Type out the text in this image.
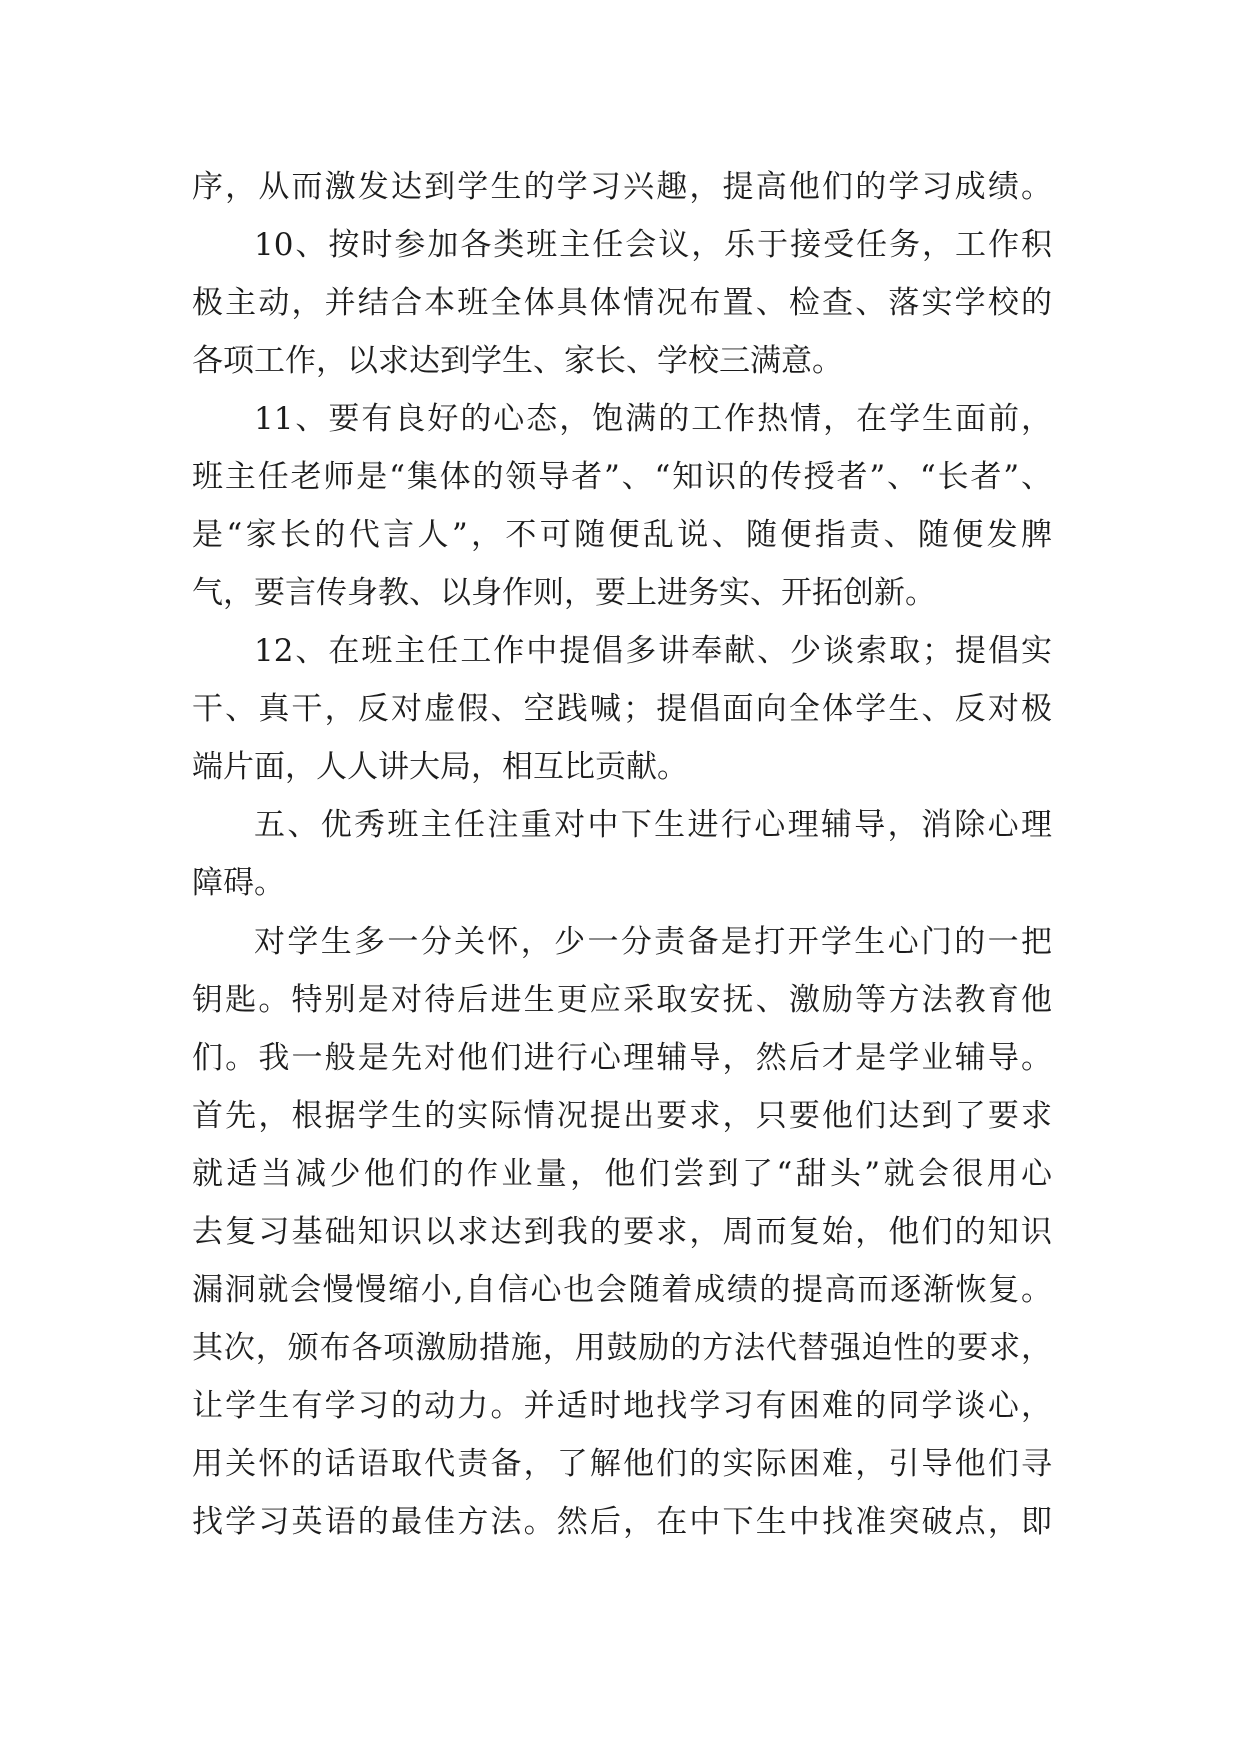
序，从而激发达到学生的学习兴趣，提高他们的学习成绩。
10、按时参加各类班主任会议，乐于接受任务，工作积
极主动，并结合本班全体具体情况布置、检查、落实学校的
各项工作，以求达到学生、家长、学校三满意。
11、要有良好的心态，饱满的工作热情，在学生面前，
班主任老师是“集体的领导者”、“知识的传授者”、“长者”、
是“家长的代言人”，不可随便乱说、随便指责、随便发脾
气，要言传身教、以身作则，要上进务实、开拓创新。
12、在班主任工作中提倡多讲奉献、少谈索取；提倡实
干、真干，反对虚假、空践喊；提倡面向全体学生、反对极
端片面，人人讲大局，相互比贡献。
五、优秀班主任注重对中下生进行心理辅导，消除心理
障碍。
对学生多一分关怀，少一分责备是打开学生心门的一把
钥匙。特别是对待后进生更应采取安抚、激励等方法教育他
们。我一般是先对他们进行心理辅导，然后才是学业辅导。
首先，根据学生的实际情况提出要求，只要他们达到了要求
就适当减少他们的作业量，他们尝到了“甜头”就会很用心
去复习基础知识以求达到我的要求，周而复始，他们的知识
漏洞就会慢慢缩小,自信心也会随着成绩的提高而逐渐恢复。
其次，颁布各项激励措施，用鼓励的方法代替强迫性的要求，
让学生有学习的动力。并适时地找学习有困难的同学谈心，
用关怀的话语取代责备，了解他们的实际困难，引导他们寻
找学习英语的最佳方法。然后，在中下生中找准突破点，即
